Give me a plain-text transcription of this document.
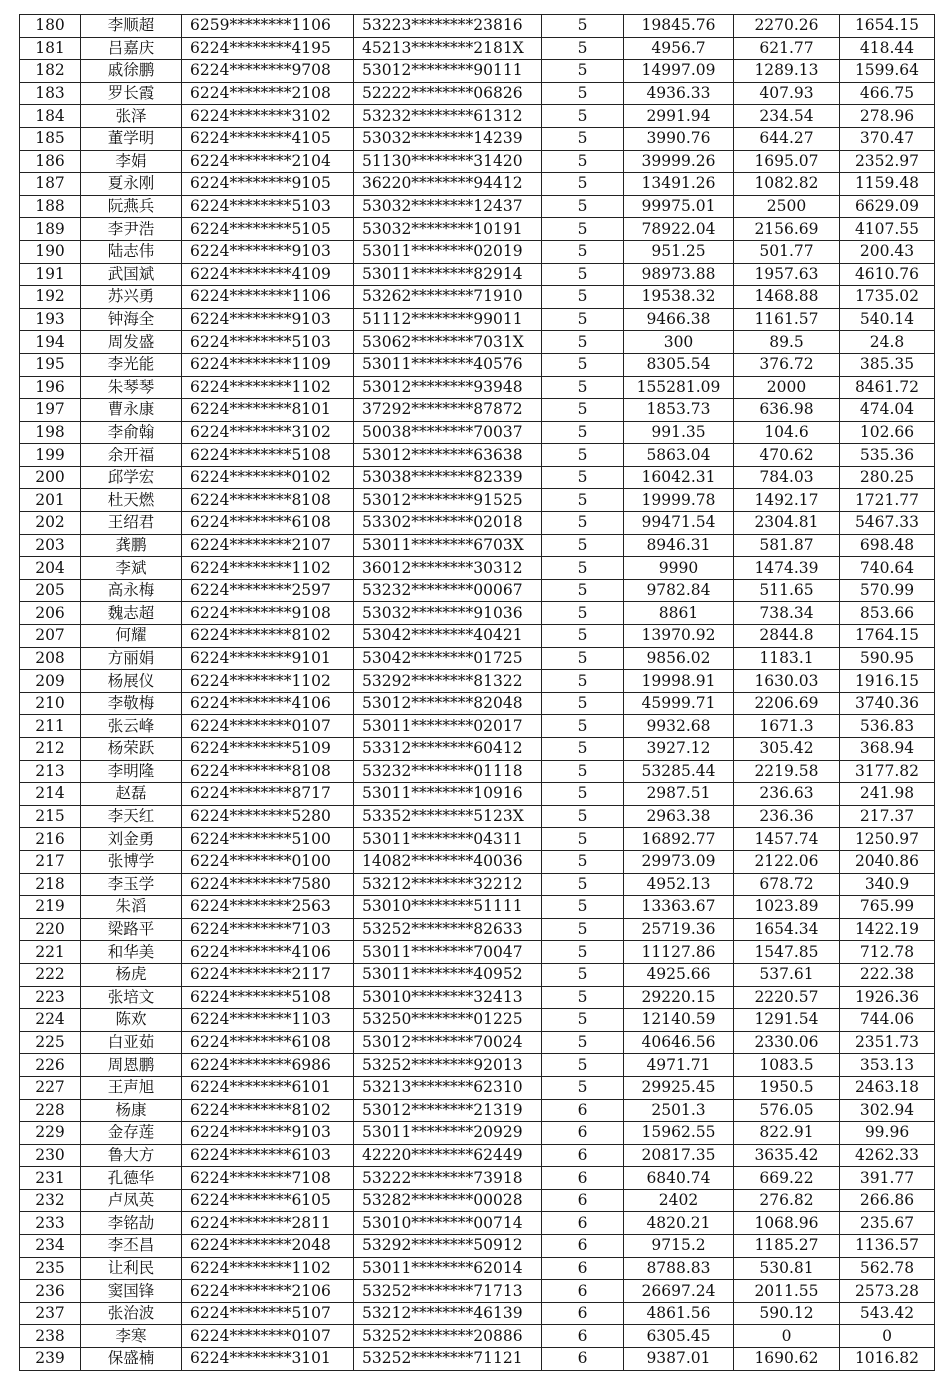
180	李顺超	6259********1106	53223********23816	5	19845.76	2270.26	1654.15
181	吕嘉庆	6224********4195	45213********2181X	5	4956.7	621.77	418.44
182	戚徐鹏	6224********9708	53012********90111	5	14997.09	1289.13	1599.64
183	罗长霞	6224********2108	52222********06826	5	4936.33	407.93	466.75
184	张泽	6224********3102	53232********61312	5	2991.94	234.54	278.96
185	董学明	6224********4105	53032********14239	5	3990.76	644.27	370.47
186	李娟	6224********2104	51130********31420	5	39999.26	1695.07	2352.97
187	夏永刚	6224********9105	36220********94412	5	13491.26	1082.82	1159.48
188	阮燕兵	6224********5103	53032********12437	5	99975.01	2500	6629.09
189	李尹浩	6224********5105	53032********10191	5	78922.04	2156.69	4107.55
190	陆志伟	6224********9103	53011********02019	5	951.25	501.77	200.43
191	武国斌	6224********4109	53011********82914	5	98973.88	1957.63	4610.76
192	苏兴勇	6224********1106	53262********71910	5	19538.32	1468.88	1735.02
193	钟海全	6224********9103	51112********99011	5	9466.38	1161.57	540.14
194	周发盛	6224********5103	53062********7031X	5	300	89.5	24.8
195	李光能	6224********1109	53011********40576	5	8305.54	376.72	385.35
196	朱琴琴	6224********1102	53012********93948	5	155281.09	2000	8461.72
197	曹永康	6224********8101	37292********87872	5	1853.73	636.98	474.04
198	李俞翰	6224********3102	50038********70037	5	991.35	104.6	102.66
199	余开福	6224********5108	53012********63638	5	5863.04	470.62	535.36
200	邱学宏	6224********0102	53038********82339	5	16042.31	784.03	280.25
201	杜天燃	6224********8108	53012********91525	5	19999.78	1492.17	1721.77
202	王绍君	6224********6108	53302********02018	5	99471.54	2304.81	5467.33
203	龚鹏	6224********2107	53011********6703X	5	8946.31	581.87	698.48
204	李斌	6224********1102	36012********30312	5	9990	1474.39	740.64
205	高永梅	6224********2597	53232********00067	5	9782.84	511.65	570.99
206	魏志超	6224********9108	53032********91036	5	8861	738.34	853.66
207	何耀	6224********8102	53042********40421	5	13970.92	2844.8	1764.15
208	方丽娟	6224********9101	53042********01725	5	9856.02	1183.1	590.95
209	杨展仪	6224********1102	53292********81322	5	19998.91	1630.03	1916.15
210	李敬梅	6224********4106	53012********82048	5	45999.71	2206.69	3740.36
211	张云峰	6224********0107	53011********02017	5	9932.68	1671.3	536.83
212	杨荣跃	6224********5109	53312********60412	5	3927.12	305.42	368.94
213	李明隆	6224********8108	53232********01118	5	53285.44	2219.58	3177.82
214	赵磊	6224********8717	53011********10916	5	2987.51	236.63	241.98
215	李天红	6224********5280	53352********5123X	5	2963.38	236.36	217.37
216	刘金勇	6224********5100	53011********04311	5	16892.77	1457.74	1250.97
217	张博学	6224********0100	14082********40036	5	29973.09	2122.06	2040.86
218	李玉学	6224********7580	53212********32212	5	4952.13	678.72	340.9
219	朱滔	6224********2563	53010********51111	5	13363.67	1023.89	765.99
220	梁路平	6224********7103	53252********82633	5	25719.36	1654.34	1422.19
221	和华美	6224********4106	53011********70047	5	11127.86	1547.85	712.78
222	杨虎	6224********2117	53011********40952	5	4925.66	537.61	222.38
223	张培文	6224********5108	53010********32413	5	29220.15	2220.57	1926.36
224	陈欢	6224********1103	53250********01225	5	12140.59	1291.54	744.06
225	白亚茹	6224********6108	53012********70024	5	40646.56	2330.06	2351.73
226	周恩鹏	6224********6986	53252********92013	5	4971.71	1083.5	353.13
227	王声旭	6224********6101	53213********62310	5	29925.45	1950.5	2463.18
228	杨康	6224********8102	53012********21319	6	2501.3	576.05	302.94
229	金存莲	6224********9103	53011********20929	6	15962.55	822.91	99.96
230	鲁大方	6224********6103	42220********62449	6	20817.35	3635.42	4262.33
231	孔德华	6224********7108	53222********73918	6	6840.74	669.22	391.77
232	卢凤英	6224********6105	53282********00028	6	2402	276.82	266.86
233	李铭劼	6224********2811	53010********00714	6	4820.21	1068.96	235.67
234	李丕昌	6224********2048	53292********50912	6	9715.2	1185.27	1136.57
235	让利民	6224********1102	53011********62014	6	8788.83	530.81	562.78
236	窦国锋	6224********2106	53252********71713	6	26697.24	2011.55	2573.28
237	张治波	6224********5107	53212********46139	6	4861.56	590.12	543.42
238	李寒	6224********0107	53252********20886	6	6305.45	0	0
239	保盛楠	6224********3101	53252********71121	6	9387.01	1690.62	1016.82
